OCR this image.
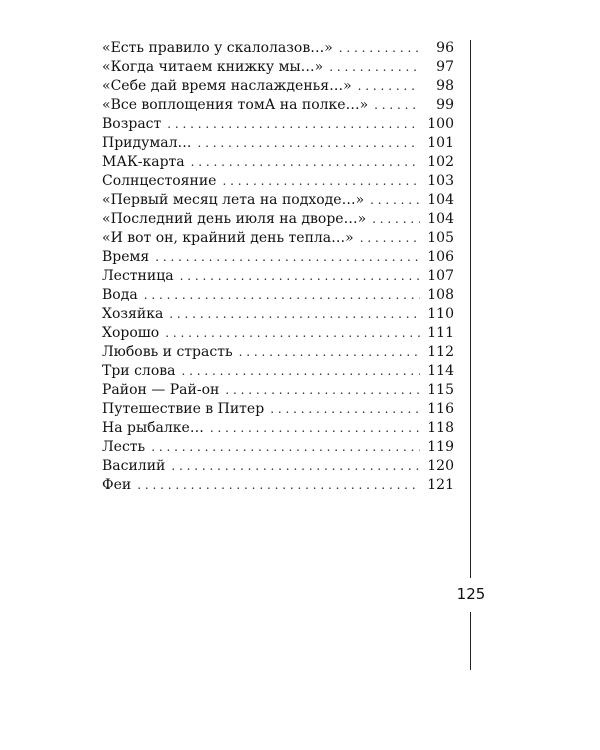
«Есть правило у скалолазов…» . . .	96
«Когда читаем книжку мы…» . . .	97
«Себе дай время наслажденья…» . . .	98
«Все воплощения томА на полке…» . . .	99
Возраст . . .	100
Придумал… . . .	101
МАК-карта . . .	102
Солнцестояние . . .	103
«Первый месяц лета на подходе…» . . .	104
«Последний день июля на дворе…» . . .	104
«И вот он, крайний день тепла…» . . .	105
Время . . .	106
Лестница . . .	107
Вода . . .	108
Хозяйка . . .	110
Хорошо . . .	111
Любовь и страсть . . .	112
Три слова . . .	114
Район — Рай-он . . .	115
Путешествие в Питер . . .	116
На рыбалке… . . .	118
Лесть . . .	119
Василий . . .	120
Феи . . .	121
125
